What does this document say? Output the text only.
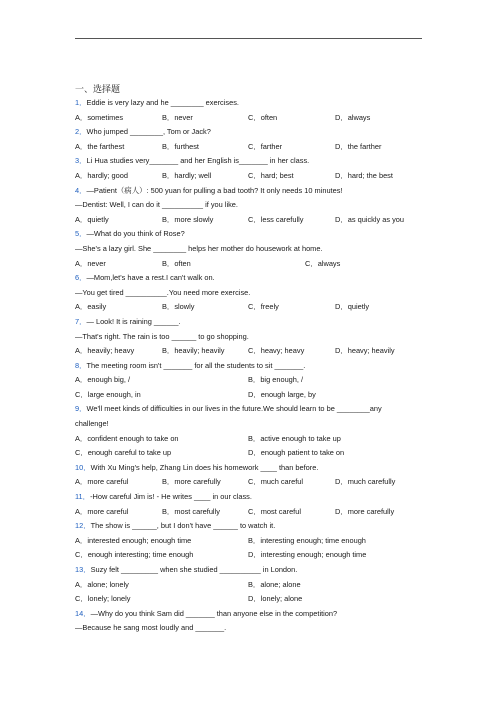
一、选择题
1．Eddie is very lazy and he ________ exercises.
A．sometimes	B．never	C．often	D．always
2．Who jumped ________, Tom or Jack?
A．the farthest	B．furthest	C．farther	D．the farther
3．Li Hua studies very_______ and her English is_______ in her class.
A．hardly; good	B．hardly; well	C．hard; best	D．hard; the best
4．—Patient（病人）: 500 yuan for pulling a bad tooth? It only needs 10 minutes!
—Dentist: Well, I can do it __________ if you like.
A．quietly	B．more slowly	C．less carefully	D．as quickly as you
5．—What do you think of Rose?
—She's a lazy girl. She ________ helps her mother do housework at home.
A．never	B．often	C．always
6．—Mom,let's have a rest.I can't walk on.
—You get tired __________.You need more exercise.
A．easily	B．slowly	C．freely	D．quietly
7．— Look! It is raining ______.
—That's right. The rain is too ______ to go shopping.
A．heavily; heavy	B．heavily; heavily	C．heavy; heavy	D．heavy; heavily
8．The meeting room isn't _______ for all the students to sit _______.
A．enough big, /	B．big enough, /
C．large enough, in	D．enough large, by
9．We'll meet kinds of difficulties in our lives in the future.We should learn to be ________any
challenge!
A．confident enough to take on	B．active enough to take up
C．enough careful to take up	D．enough patient to take on
10．With Xu Ming's help, Zhang Lin does his homework ____ than before.
A．more careful	B．more carefully	C．much careful	D．much carefully
11．-How careful Jim is! - He writes ____ in our class.
A．more careful	B．most carefully	C．most careful	D．more carefully
12．The show is ______, but I don't have ______ to watch it.
A．interested enough; enough time	B．interesting enough; time enough
C．enough interesting; time enough	D．interesting enough; enough time
13．Suzy felt _________ when she studied __________ in London.
A．alone; lonely	B．alone; alone
C．lonely; lonely	D．lonely; alone
14．—Why do you think Sam did _______ than anyone else in the competition?
—Because he sang most loudly and _______.
